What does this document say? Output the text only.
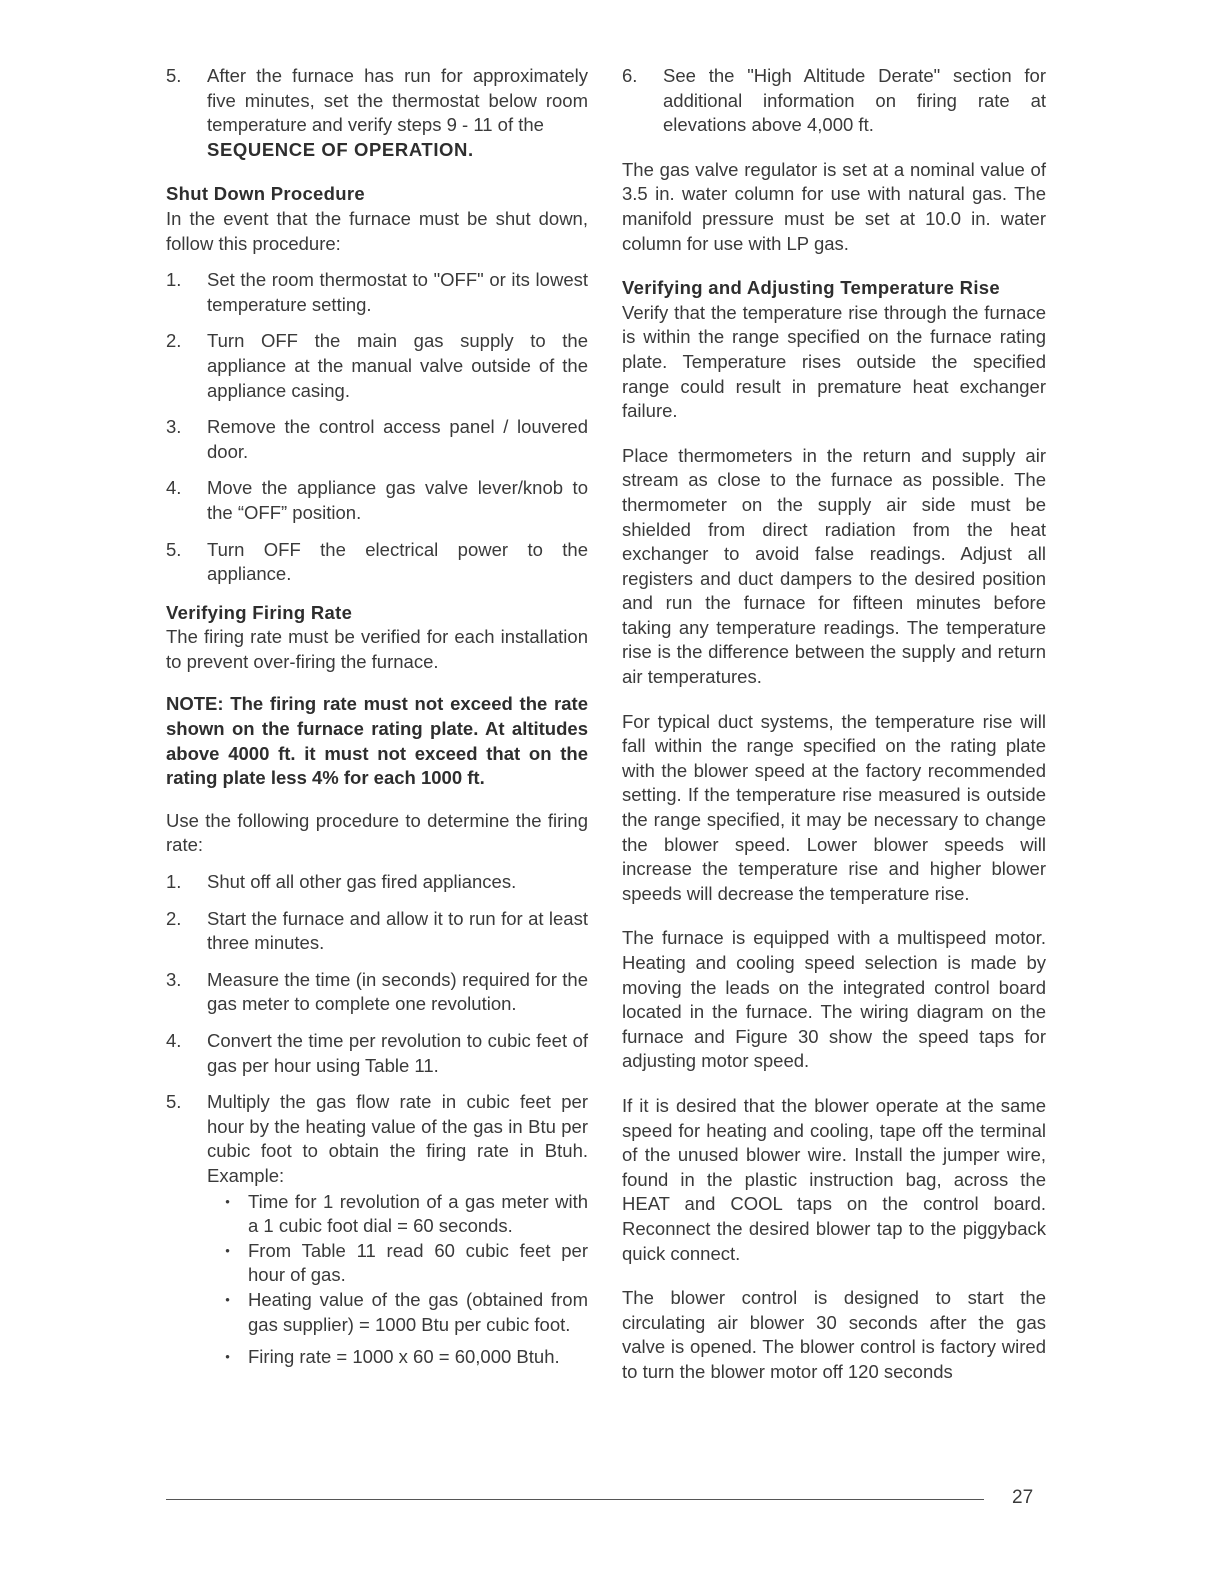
5.	After the furnace has run for approximately five minutes, set the thermostat below room temperature and verify steps 9 - 11 of the
SEQUENCE OF OPERATION.
Shut Down Procedure

In the event that the furnace must be shut down, follow this procedure:

1.	Set the room thermostat to "OFF" or its lowest temperature setting.
2.	Turn OFF the main gas supply to the appliance at the manual valve outside of the appliance casing.
3.	Remove the control access panel / louvered door.
4.	Move the appliance gas valve lever/knob to the “OFF” position.
5.	Turn OFF the electrical power to the appliance.
Verifying Firing Rate

The firing rate must be verified for each installation to prevent over-firing the furnace.

NOTE: The firing rate must not exceed the rate shown on the furnace rating plate. At altitudes above 4000 ft. it must not exceed that on the rating plate less 4% for each 1000 ft.

Use the following procedure to determine the firing rate:

1.	Shut off all other gas fired appliances.
2.	Start the furnace and allow it to run for at least three minutes.
3.	Measure the time (in seconds) required for the gas meter to complete one revolution.
4.	Convert the time per revolution to cubic feet of gas per hour using Table 11.
5.	Multiply the gas flow rate in cubic feet per hour by the heating value of the gas in Btu per cubic foot to obtain the firing rate in Btuh. Example:
• Time for 1 revolution of a gas meter with a 1 cubic foot dial = 60 seconds.
• From Table 11 read 60 cubic feet per hour of gas.
• Heating value of the gas (obtained from gas supplier) = 1000 Btu per cubic foot.
• Firing rate = 1000 x 60 = 60,000 Btuh.
6.	See the "High Altitude Derate" section for additional information on firing rate at elevations above 4,000 ft.

The gas valve regulator is set at a nominal value of 3.5 in. water column for use with natural gas. The manifold pressure must be set at 10.0 in. water column for use with LP gas.

Verifying and Adjusting Temperature Rise

Verify that the temperature rise through the furnace is within the range specified on the furnace rating plate. Temperature rises outside the specified range could result in premature heat exchanger failure.

Place thermometers in the return and supply air stream as close to the furnace as possible. The thermometer on the supply air side must be shielded from direct radiation from the heat exchanger to avoid false readings. Adjust all registers and duct dampers to the desired position and run the furnace for fifteen minutes before taking any temperature readings. The temperature rise is the difference between the supply and return air temperatures.

For typical duct systems, the temperature rise will fall within the range specified on the rating plate with the blower speed at the factory recommended setting. If the temperature rise measured is outside the range specified, it may be necessary to change the blower speed. Lower blower speeds will increase the temperature rise and higher blower speeds will decrease the temperature rise.

The furnace is equipped with a multispeed motor. Heating and cooling speed selection is made by moving the leads on the integrated control board located in the furnace. The wiring diagram on the furnace and Figure 30 show the speed taps for adjusting motor speed.

If it is desired that the blower operate at the same speed for heating and cooling, tape off the terminal of the unused blower wire. Install the jumper wire, found in the plastic instruction bag, across the HEAT and COOL taps on the control board. Reconnect the desired blower tap to the piggyback quick connect.

The blower control is designed to start the circulating air blower 30 seconds after the gas valve is opened. The blower control is factory wired to turn the blower motor off 120 seconds

27
